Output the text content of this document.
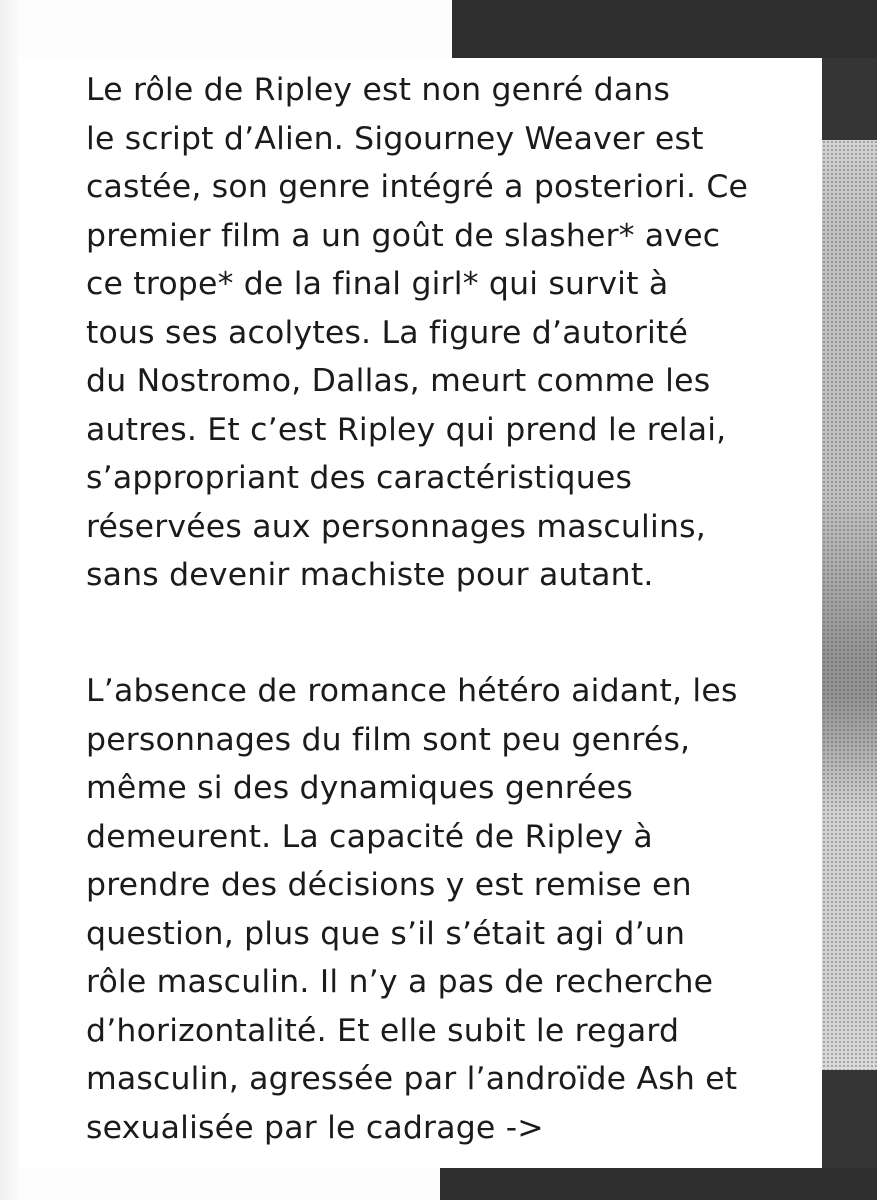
Le rôle de Ripley est non genré dans
le script d’Alien. Sigourney Weaver est
castée, son genre intégré a posteriori. Ce
premier film a un goût de slasher* avec
ce trope* de la final girl* qui survit à
tous ses acolytes. La figure d’autorité
du Nostromo, Dallas, meurt comme les
autres. Et c’est Ripley qui prend le relai,
s’appropriant des caractéristiques
réservées aux personnages masculins,
sans devenir machiste pour autant.

L’absence de romance hétéro aidant, les
personnages du film sont peu genrés,
même si des dynamiques genrées
demeurent. La capacité de Ripley à
prendre des décisions y est remise en
question, plus que s’il s’était agi d’un
rôle masculin. Il n’y a pas de recherche
d’horizontalité. Et elle subit le regard
masculin, agressée par l’androïde Ash et
sexualisée par le cadrage ->
